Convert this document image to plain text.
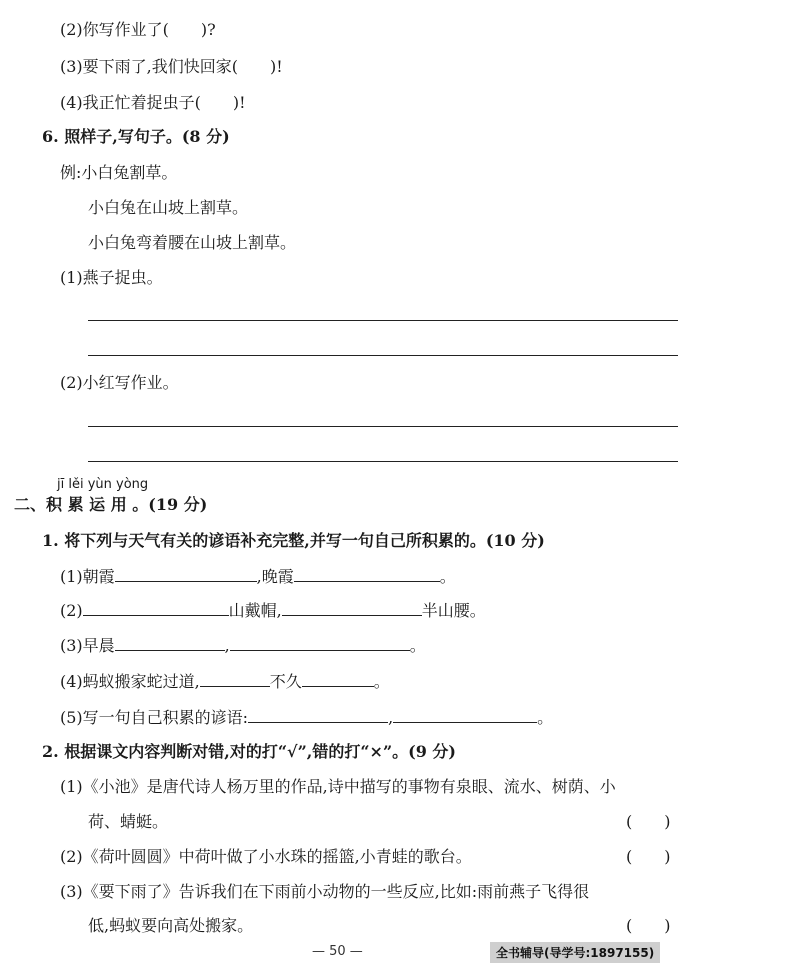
(2)你写作业了(　　)?
(3)要下雨了,我们快回家(　　)!
(4)我正忙着捉虫子(　　)!
6. 照样子,写句子。(8 分)
例:小白兔割草。
小白兔在山坡上割草。
小白兔弯着腰在山坡上割草。
(1)燕子捉虫。
(2)小红写作业。
jī lěi yùn yòng
二、积 累 运 用 。(19 分)
1. 将下列与天气有关的谚语补充完整,并写一句自己所积累的。(10 分)
(1)朝霞	,晚霞	。
(2)	山戴帽,	半山腰。
(3)早晨	,	。
(4)蚂蚁搬家蛇过道,	不久	。
(5)写一句自己积累的谚语:	,	。
2. 根据课文内容判断对错,对的打“√”,错的打“×”。(9 分)
(1)《小池》是唐代诗人杨万里的作品,诗中描写的事物有泉眼、流水、树荫、小
荷、蜻蜓。	(　　)
(2)《荷叶圆圆》中荷叶做了小水珠的摇篮,小青蛙的歌台。	(　　)
(3)《要下雨了》告诉我们在下雨前小动物的一些反应,比如:雨前燕子飞得很
低,蚂蚁要向高处搬家。	(　　)
— 50 —	全书辅导(导学号:1897155)
